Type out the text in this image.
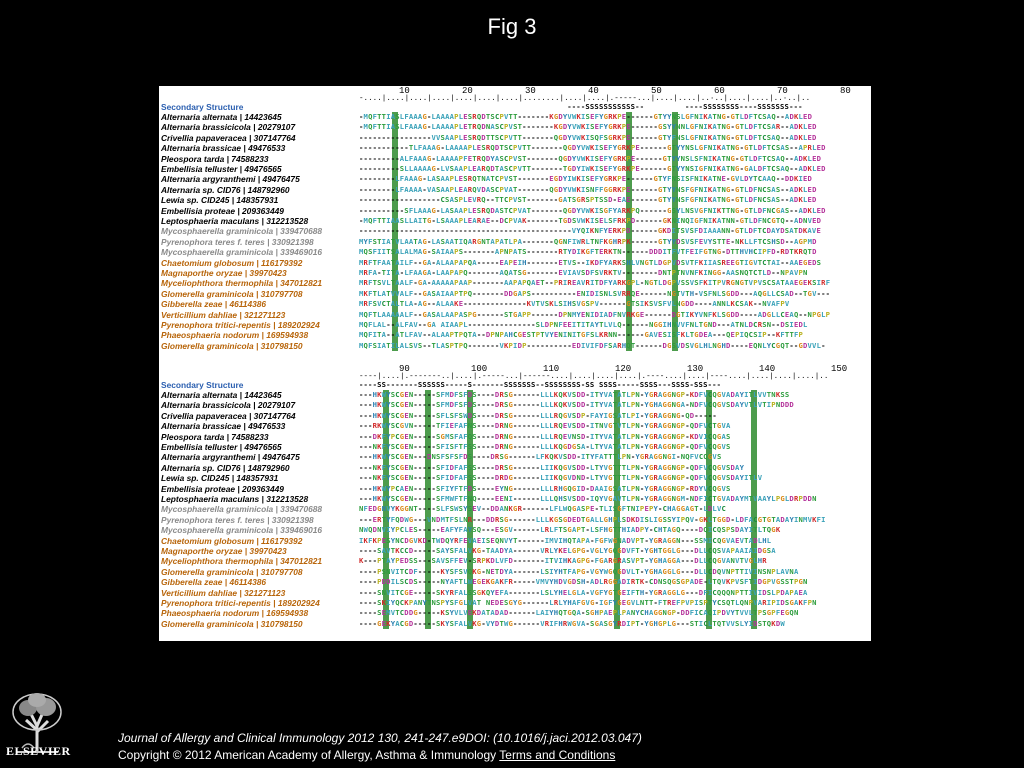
Fig 3
10	20	30	40	50	60	70	80
-....|....|....|....|....|....|....|........|....|....|.-----...|....|....|..·..|....|....|..·..|..
Secondary Structure	----SSSSSSSSSSS--         ----SSSSSSSS----SSSSSSS---
Alternaria alternata | 14423645	-MQFTTIASLFAAAG-LAAAAPLESRQDTSCPVTT-------KGDYVWKISEFYGRKPE------GTYYNSLGFNIKATNG-GTLDFTCSAQ--ADKLED
Alternaria brassicicola | 20279107	-MQFTTIASLFAAAG-LAAAAPLETRQDNASCPVST-------KGDYVWKISEFYGRKPE------GSYYNNLGFNIKATNG-GTLDFTCSAR--ADKLED
Crivellia papaveracea | 307147764	----------------VVSAAPLESRQDTTSCPVTT-------QGDYVWKISQFSGRKPE------GTYFNSLGFNIKATNG-GTLDFTCSAQ--ADKLED
Alternaria brassicae | 49476533	-----------TLFAAAG-LAAAAPLESRQDTSCPVTT-------QGDYVWKISEFYGRKPE------GTYYNSLGFNIKATNG-GTLDFTCSAS--APRLED
Pleospora tarda | 74588233	---------ALFAAAG-LAAAAPFETRQDYASCPVST-------QGDYVWKISEFYGRKPE------GTYYNSLSFNIKATNG-GTLDFTCSAQ--ADKLED
Embellisia telluster | 49476565	---------SLLAAAAG-LVSAAPLEARQDTASCPVTT-------TGDYIWKISEFYGRKPE------GTYYNSIGFNIKATNG-GALDFTCSAQ--ADKLED
Alternaria argyranthemi | 49476475	--------LFAAAG-LASAAPLESRQTNATCPVST-------EGDYIWKISEFYGRKPE------GTYFNSISFNIKATNE-GVLDYTCAAQ--DDKIED
Alternaria sp. CID76 | 148792960	--------LFAAAA-VASAAPLEARQVDASCPVAT-------QGDYVWKISNFFGGRKPE------GTYYNSFGFNIKATNG-GTLDFNCSAS--ADKLED
Lewia sp. CID245 | 148357931	------------------CSASPLEVRQ--TTCPVST-------GATSGRSPTSSD-EAE------GTYYNSFGFNIKATNG-GTLDFNCSAS--ADKLED
Embellisia proteae | 209363449	----------SFLAAAG-LASAAPLESRQDASTCPVAT-------QGDYVWKISGFYARKPQ------GSYLNSVGFNIKTTNG-GTLDFNCGAS--ADKLED
Leptosphaeria maculans | 312213528	-MQFTTIAASLLAITG-LSAAAPLEARAE--DCPVAK-------TGDSVWKISELSFRKPD------GKNINQIGFNIKATNN-GTLDFNCGTQ--ADNVED
Mycosphaerella graminicola | 339470688	-----------------------------------------------VYQIKNFYERKPD------GKDITSVSFDIAAANN-GTLDFTCDAYDSATDKAVE
Pyrenophora teres f. teres | 330921398	MYFSTIATVLAATAG-LASAATIQARGNTAPATLPA-------QGNFIWRLTNFKGHRPK------GTYYDSVSFEVYSTTE-NKLLFTCSHSD--AGPMD
Mycosphaerella graminicola | 339469016	MQSFIITSALALMAG-SAIAAPS-------APNPATS-------RTYDIKGFTERKTN------DDDITFVTFEIFGTNG-DTTHVHCIPFD-RDTKRQTD
Chaetomium globosum | 116179392	MRFTFAATAILF--GA-ALAAPAPQA-----EAPEIH-------ETVS--IKDFYARKSHLVNGTLDGPVDSVTFKIIASREEGTIGVTCTAI--AAEGEDS
Magnaporthe oryzae | 39970423	MRFA-TITA-LFAAGA-LAAPAPQ-------AQATSG-------EVIAVSDFSVRKTV--------DNTPTNVNFKINGG-AASNQTCTLD--NPAVPN
Myceliophthora thermophila | 347012821	MRFTSVLTAALF-GA-AAAAAPAAP-------AAPAPQAET--PRIREAVRITDFYARKGPL-NGTLDGPVSSVSFKITPVRGNGTVPVSCSATAAEGEKSIRF
Glomerella graminicola | 310797708	MKFTLATVVALF--GASAIAAPTPQ-------DDGAPS----------ENIDISNLSVRRQE------NGTVTH-VSFNLSGDD---AQGLLCSAD--TGV---
Gibberella zeae | 46114386	MRFSVCTALTLA-AG--ALAAKE--------------KVTVSKLSIHSVGSPV------GTSIKSVSFVLNGDD----ANNLKCSAK--NVAFPV
Verticillium dahliae | 321271123	MQFTLAAAAALF--GASALAAPASPG------STGAPP------DPNMYENIDIADFNVRKGE------DGTIKYVNFKLSGDD----ADGLLCEAQ--NPGLP
Pyrenophora tritici-repentis | 189202924	MQFLAL--ALFAV--GA AIAAPL---------------SLDPNFEEITITAYTLVLQ------NGGIHNVVFNLTGND---ATNLDCRSN--DSIEDL
Phaeosphaeria nodorum | 169594938	MQFITA--ATLFAV--ALAAPTPQTA--DPNPAHCGESTPTVYENINITGFSLKRNN------GAVESISFKLTGDEA---QEPIQCSIP--KFTTFP
Glomerella graminicola | 310798150	MQFSIATILALSVS--TLASPTPQ-------VKPIDP----------EDIVIFDFSARHQT------DGSVDSVGLHLNGHD----EQNLYCGQT--GDVVL-
90	100	110	120	130	140	150
----|....|.-------..|....|.-----...|------....|....|....|....|.----....|....|----....|....|....|....|..
Secondary Structure	----SS-------SSSSSS-----S-------SSSSSSS--SSSSSSSS-SS SSSS-----SSSS---SSSS-SSS---
Alternaria alternata | 14423645	---HKWYSCGEN-----SFMDFSFDS----DRSG------LLLKQKVSDD-ITYVATATLPN-YGRAGGNGP-KDFVCQGVADAYITLVVTNKSS
Alternaria brassicicola | 20279107	---HKWYSCGEN-----SFMDFSFDS----DRSG------LLLKQKVSDD-ITYVATATLPN-YGHAGGNGA-NDFVCQGVSDAYVTLVTIPNDDD
Crivellia papaveracea | 307147764	---HKWYSCGEN-----SFLSFSWDS----DRSG------LLLRQGVSDP-FAYIGSATLPI-YGRAGGNG-QD-----
Alternaria brassicae | 49476533	---RKWYSCGVN-----TFIEFAFNS----DRNG------LLLRQEVSDD-ITNVGTVTLPN-YGRAGGNGP-QDFVCTGVA
Pleospora tarda | 74588233	---DKFYPCGEN-----SGMSFAFQS----DRNG------LLLRQEVNSD-ITYVATATLPN-YGRAGGNGP-KDVICQGAS
Embellisia telluster | 49476565	---NKFYSCGEN-----SFISFTFSS----DRNG------LLLKQGDGSA-LTYVATATLPN-YGRAGGNGP-QDFVCQGVS
Alternaria argyranthemi | 49476475	---HKWYSCGEN---DNSFSFSFDS----DRSG------LFKQKVSDD-ITYFATTTLPN-YGRAGGNGI-NQFVCQGVS
Alternaria sp. CID76 | 148792960	---NKFYSCGEN-----SFIDFAFSS----DRSG------LIIKQGVSDD-LTYVGTTTLPN-YGRAGGNGP-QDFVCQGVSDAY
Lewia sp. CID245 | 148357931	---NKFYSCGEN-----SFIDFAFSS----DRDG------LIIKQGVDND-LTYVGTTTLPN-YGRAGGNGP-QDFVCQGVSDAYITLV
Embellisia proteae | 209363449	---HKWYPCAEN-----SFIYFTFDS----EYNG------LLLRHGQGID-DAAIGSATLPN-YGRAGGNGP-RDYVCQGVS
Leptosphaeria maculans | 312213528	---HKWYSCGEN-----SFMWFTFNQ----EENI------LLLQHSVSDD-IQYVGAVTLPN-YGRAGGNGM-NDFICTGVADAYMTVAAYLPGLDRPDDN
Mycosphaerella graminicola | 339470688	NFEDGHVYKGGNT----SLFSWSYSEV--DDANKGR------LFLWQGASPE-TLISGFTNIPEPY-CHAGGAGT-LDLVC
Pyrenophora teres f. teres | 330921398	---ERTYFQDWG---VNDMTFSLNR---DDRSG------LLLKGSGDEDTGALLGHPLSDKDISLIGSSYIPQV-GKLTGGD-LDFACGTGTADAYINMVKFI
Mycosphaerella graminicola | 339469016	NWQDNVIYPCLES-----EAFYFAYSQ---ESGV------LRLFTSGAPT-LSFHGTTHIADPY-CHTAGQ----DQICQSPSDAYITLTQGK
Chaetomium globosum | 116179392	IKFKPESYNCDGVKD-TWDQYRFEVAEISEQNVYT------IMVIHQTAPA-FGFWGNADVPT-YGRAGGN---SSMICQGVAEVTADLHL
Magnaporthe oryzae | 39970423	----SAVTKCCD-----SAYSFALVKG-TAADYA------VRLYKELGPG-VGLYGQGDVFT-YGHTGGLG---DLLCQSVAPAAIAIDGSA
Myceliophthora thermophila | 347012821	K---PTAYPEDSS---SAVSFFEV-SRPKDLVFD-------ITVIHKAGPG-FGARGRASVPT-YGHAGGA---DLLCQGVANVTVGLHR
Glomerella graminicola | 310797708	----PSNVITCDF-----KYSFSVQKG-NETDYA------LSIYHTFAPG-VGYWGQGDVLT-YGHAGGLG---DLLCDQVNPTTIVINSNPLAVNA
Gibberella zeae | 46114386	----PDDILSCDS-----NYAFTLWEGEKGAKFR-----VMVYHDVGDSH-ADLRGGADIRTK-CDNSQGSGPADE-LTQVKPVSFTIDGPVGSSTPGN
Verticillium dahliae | 321271123	----SNVITCGE-----SKYRFALSSGKQYEFA-------LSLYHELGLA-VGFYGTGEIFTH-YGRAGGLG---DFICQQQNPTTIVIDSLPDAPAEA
Pyrenophora tritici-repentis | 189202924	----SKIYQCKPANYTNSPYSFGLVAT NEDESGYG------LRLYHAFGVG-IGFYGEGVLNTT-FTREFPVPISPTYCSQTLQNPVARIPIDSGAKFPN
Phaeosphaeria nodorum | 169594938	----SEMVTCDDG-----KSYVLVEKDATADAD------LAIYHQTGQA-SGHPAEPLPANYCHAGGNGP-DDFICAQIPDVYTVVLTPSGPFEGQN
Glomerella graminicola | 310798150	----GEKYACGD-----SKYSFALVKG-VYDTWG------VRIFHRWGVA-SGASGYRDIPT-YGHGPLG---STICLTQTVVSLYIDSTQKDW
ELSEVIER
Journal of Allergy and Clinical Immunology 2012 130, 241-247.e9DOI: (10.1016/j.jaci.2012.03.047)
Copyright © 2012 American Academy of Allergy, Asthma & Immunology Terms and Conditions
